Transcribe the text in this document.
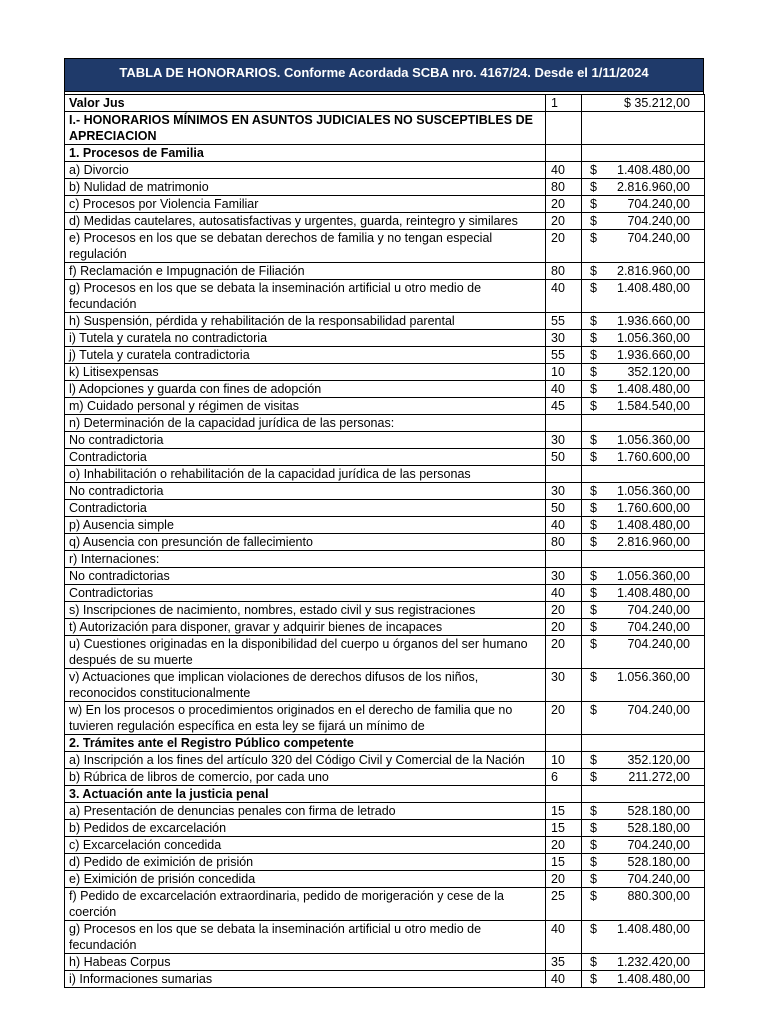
TABLA DE HONORARIOS. Conforme Acordada SCBA nro. 4167/24. Desde el 1/11/2024
Valor Jus	1	$ 35.212,00
I.- HONORARIOS MÍNIMOS EN ASUNTOS JUDICIALES NO SUSCEPTIBLES DE APRECIACION		
1. Procesos de Familia		
a) Divorcio	40	$ 1.408.480,00

b) Nulidad de matrimonio	80	$ 2.816.960,00

c) Procesos por Violencia Familiar	20	$ 704.240,00

d) Medidas cautelares, autosatisfactivas y urgentes, guarda, reintegro y similares	20	$ 704.240,00

e) Procesos en los que se debatan derechos de familia y no tengan especial regulación	20	$ 704.240,00

f) Reclamación e Impugnación de Filiación	80	$ 2.816.960,00

g) Procesos en los que se debata la inseminación artificial u otro medio de fecundación	40	$ 1.408.480,00

h) Suspensión, pérdida y rehabilitación de la responsabilidad parental	55	$ 1.936.660,00

i) Tutela y curatela no contradictoria	30	$ 1.056.360,00

j) Tutela y curatela contradictoria	55	$ 1.936.660,00

k) Litisexpensas	10	$ 352.120,00

l) Adopciones y guarda con fines de adopción	40	$ 1.408.480,00

m) Cuidado personal y régimen de visitas	45	$ 1.584.540,00

n) Determinación de la capacidad jurídica de las personas:		
No contradictoria	30	$ 1.056.360,00

Contradictoria	50	$ 1.760.600,00

o) Inhabilitación o rehabilitación de la capacidad jurídica de las personas		
No contradictoria	30	$ 1.056.360,00

Contradictoria	50	$ 1.760.600,00

p) Ausencia simple	40	$ 1.408.480,00

q) Ausencia con presunción de fallecimiento	80	$ 2.816.960,00

r) Internaciones:		
No contradictorias	30	$ 1.056.360,00

Contradictorias	40	$ 1.408.480,00

s) Inscripciones de nacimiento, nombres, estado civil y sus registraciones	20	$ 704.240,00

t) Autorización para disponer, gravar y adquirir bienes de incapaces	20	$ 704.240,00

u) Cuestiones originadas en la disponibilidad del cuerpo u órganos del ser humano después de su muerte	20	$ 704.240,00

v) Actuaciones que implican violaciones de derechos difusos de los niños, reconocidos constitucionalmente	30	$ 1.056.360,00

w) En los procesos o procedimientos originados en el derecho de familia que no tuvieren regulación específica en esta ley se fijará un mínimo de	20	$ 704.240,00

2. Trámites ante el Registro Público competente		
a) Inscripción a los fines del artículo 320 del Código Civil y Comercial de la Nación	10	$ 352.120,00

b) Rúbrica de libros de comercio, por cada uno	6	$ 211.272,00

3. Actuación ante la justicia penal		
a) Presentación de denuncias penales con firma de letrado	15	$ 528.180,00

b) Pedidos de excarcelación	15	$ 528.180,00

c) Excarcelación concedida	20	$ 704.240,00

d) Pedido de eximición de prisión	15	$ 528.180,00

e) Eximición de prisión concedida	20	$ 704.240,00

f) Pedido de excarcelación extraordinaria, pedido de morigeración y cese de la coerción	25	$ 880.300,00

g) Procesos en los que se debata la inseminación artificial u otro medio de fecundación	40	$ 1.408.480,00

h) Habeas Corpus	35	$ 1.232.420,00

i) Informaciones sumarias	40	$ 1.408.480,00
